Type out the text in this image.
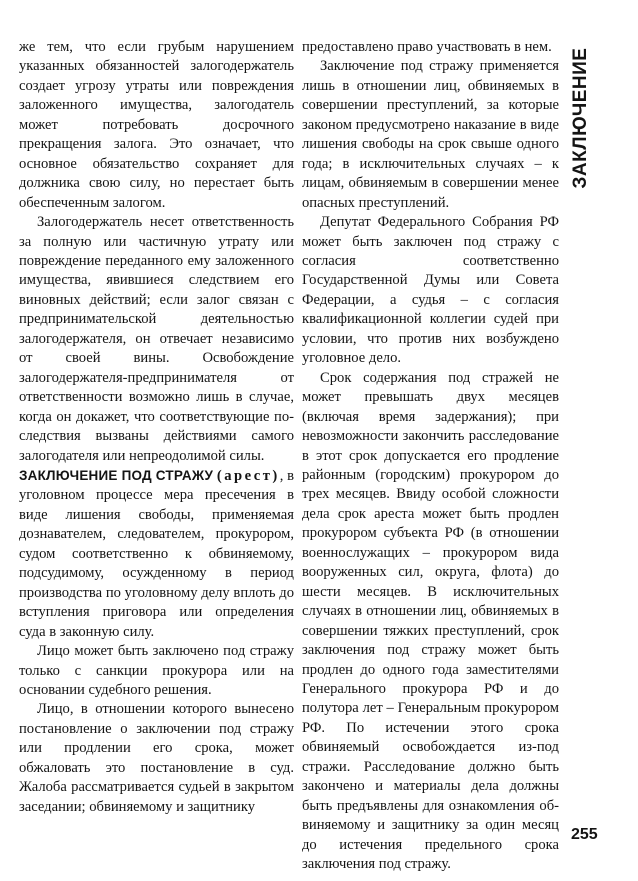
же тем, что если грубым нарушением указанных обязанностей залогодержатель создает угрозу утраты или повреждения заложенного имущества, залогодатель может потребовать досрочного прекращения залога. Это означает, что основное обязательство сохраняет для должника свою силу, но перестает быть обеспеченным залогом.

Залогодержатель несет ответственность за полную или частичную утрату или повреждение переданного ему заложенного имущества, явившиеся следствием его виновных действий; если залог связан с предпринимательской деятельностью залогодержателя, он отвечает независимо от своей вины. Освобождение залогодержателя-предпринимателя от ответственности возможно лишь в случае, когда он докажет, что соответствующие последствия вызваны действиями самого залогодателя или непреодолимой силы.

ЗАКЛЮЧЕНИЕ ПОД СТРАЖУ (арест), в уголовном процессе мера пресечения в виде лишения свободы, применяемая дознавателем, следователем, прокурором, судом соответственно к обвиняемому, подсудимому, осужденному в период производства по уголовному делу вплоть до вступления приговора или определения суда в законную силу.

Лицо может быть заключено под стражу только с санкции прокурора или на основании судебного решения.

Лицо, в отношении которого вынесено постановление о заключении под стражу или продлении его срока, может обжаловать это постановление в суд. Жалоба рассматривается судьей в закрытом заседании; обвиняемому и защитнику

предоставлено право участвовать в нем.

Заключение под стражу применяется лишь в отношении лиц, обвиняемых в совершении преступлений, за которые законом предусмотрено наказание в виде лишения свободы на срок свыше одного года; в исключительных случаях – к лицам, обвиняемым в совершении менее опасных преступлений.

Депутат Федерального Собрания РФ может быть заключен под стражу с согласия соответственно Государственной Думы или Совета Федерации, а судья – с согласия квалификационной коллегии судей при условии, что против них возбуждено уголовное дело.

Срок содержания под стражей не может превышать двух месяцев (включая время задержания); при невозможности закончить расследование в этот срок допускается его продление районным (городским) прокурором до трех месяцев. Ввиду особой сложности дела срок ареста может быть продлен прокурором субъекта РФ (в отношении военнослужащих – прокурором вида вооруженных сил, округа, флота) до шести месяцев. В исключительных случаях в отношении лиц, обвиняемых в совершении тяжких преступлений, срок заключения под стражу может быть продлен до одного года заместителями Генерального прокурора РФ и до полутора лет – Генеральным прокурором РФ. По истечении этого срока обвиняемый освобождается из-под стражи. Расследование должно быть закончено и материалы дела должны быть предъявлены для ознакомления обвиняемому и защитнику за один месяц до истечения предельного срока заключения под стражу.

ЗАКЛЮЧЕНИЕ
255
